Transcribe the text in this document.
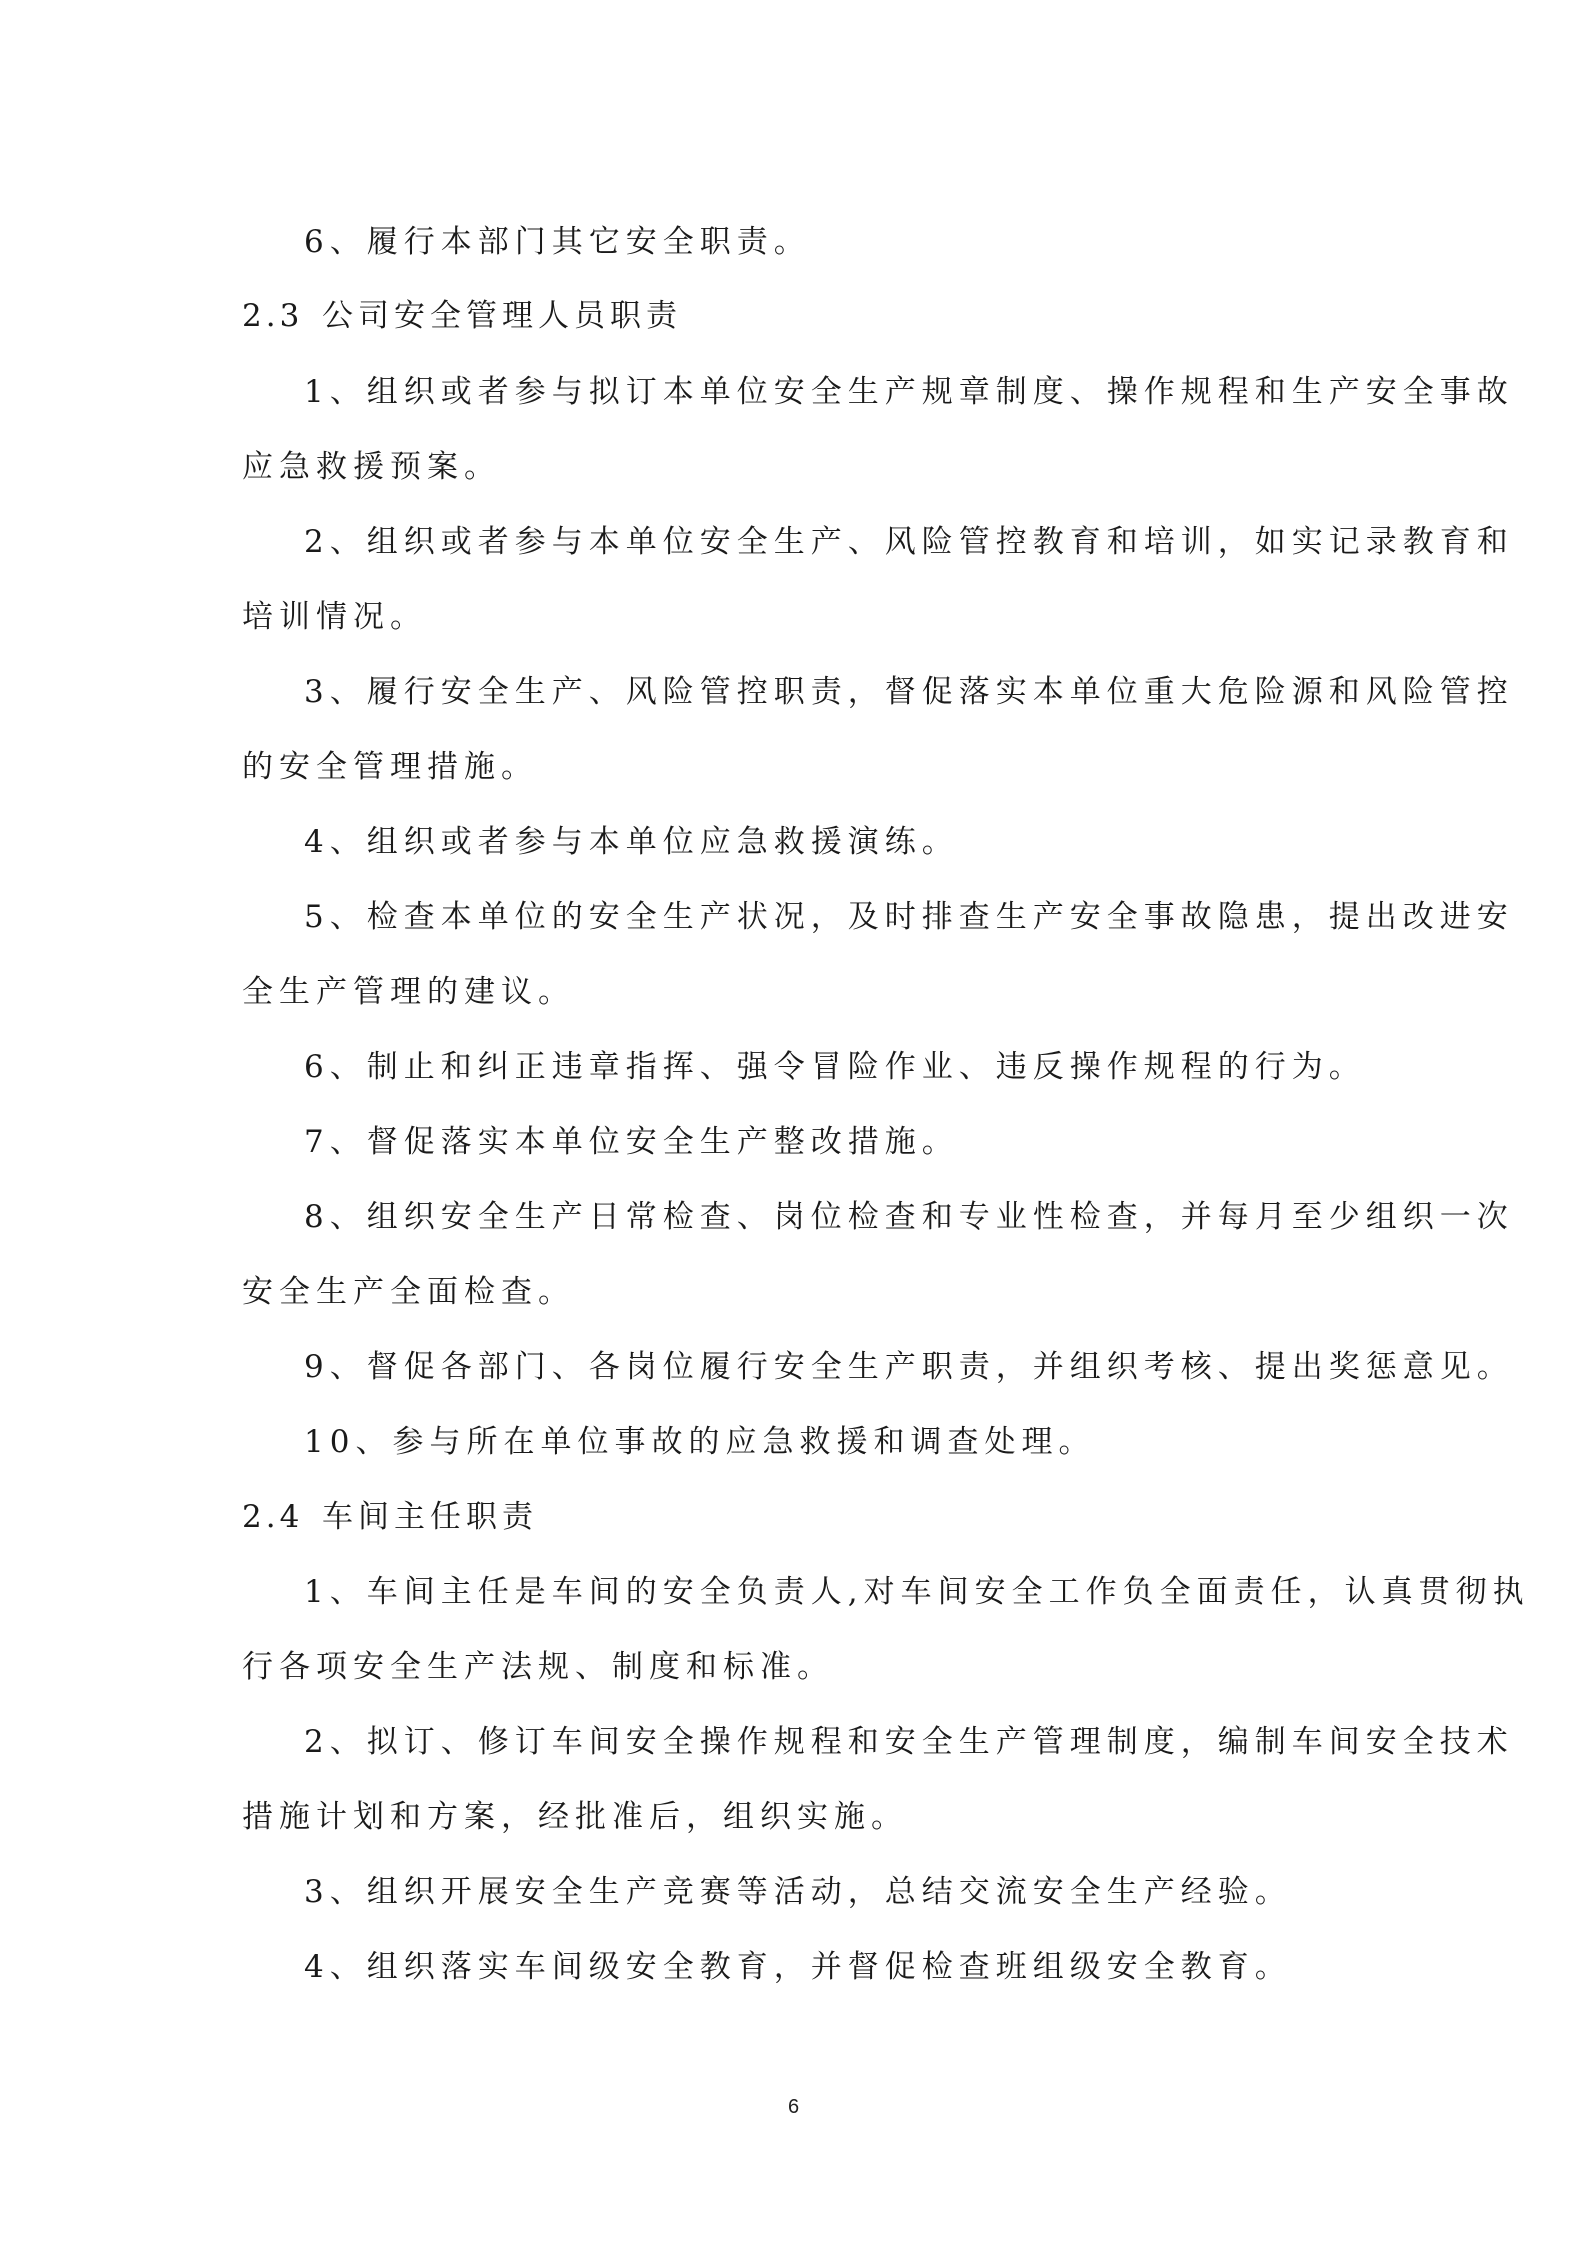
6、履行本部门其它安全职责。
2.3 公司安全管理人员职责
1、组织或者参与拟订本单位安全生产规章制度、操作规程和生产安全事故
应急救援预案。
2、组织或者参与本单位安全生产、风险管控教育和培训，如实记录教育和
培训情况。
3、履行安全生产、风险管控职责，督促落实本单位重大危险源和风险管控
的安全管理措施。
4、组织或者参与本单位应急救援演练。
5、检查本单位的安全生产状况，及时排查生产安全事故隐患，提出改进安
全生产管理的建议。
6、制止和纠正违章指挥、强令冒险作业、违反操作规程的行为。
7、督促落实本单位安全生产整改措施。
8、组织安全生产日常检查、岗位检查和专业性检查，并每月至少组织一次
安全生产全面检查。
9、督促各部门、各岗位履行安全生产职责，并组织考核、提出奖惩意见。
10、参与所在单位事故的应急救援和调查处理。
2.4 车间主任职责
1、车间主任是车间的安全负责人,对车间安全工作负全面责任，认真贯彻执
行各项安全生产法规、制度和标准。
2、拟订、修订车间安全操作规程和安全生产管理制度，编制车间安全技术
措施计划和方案，经批准后，组织实施。
3、组织开展安全生产竞赛等活动，总结交流安全生产经验。
4、组织落实车间级安全教育，并督促检查班组级安全教育。
6
